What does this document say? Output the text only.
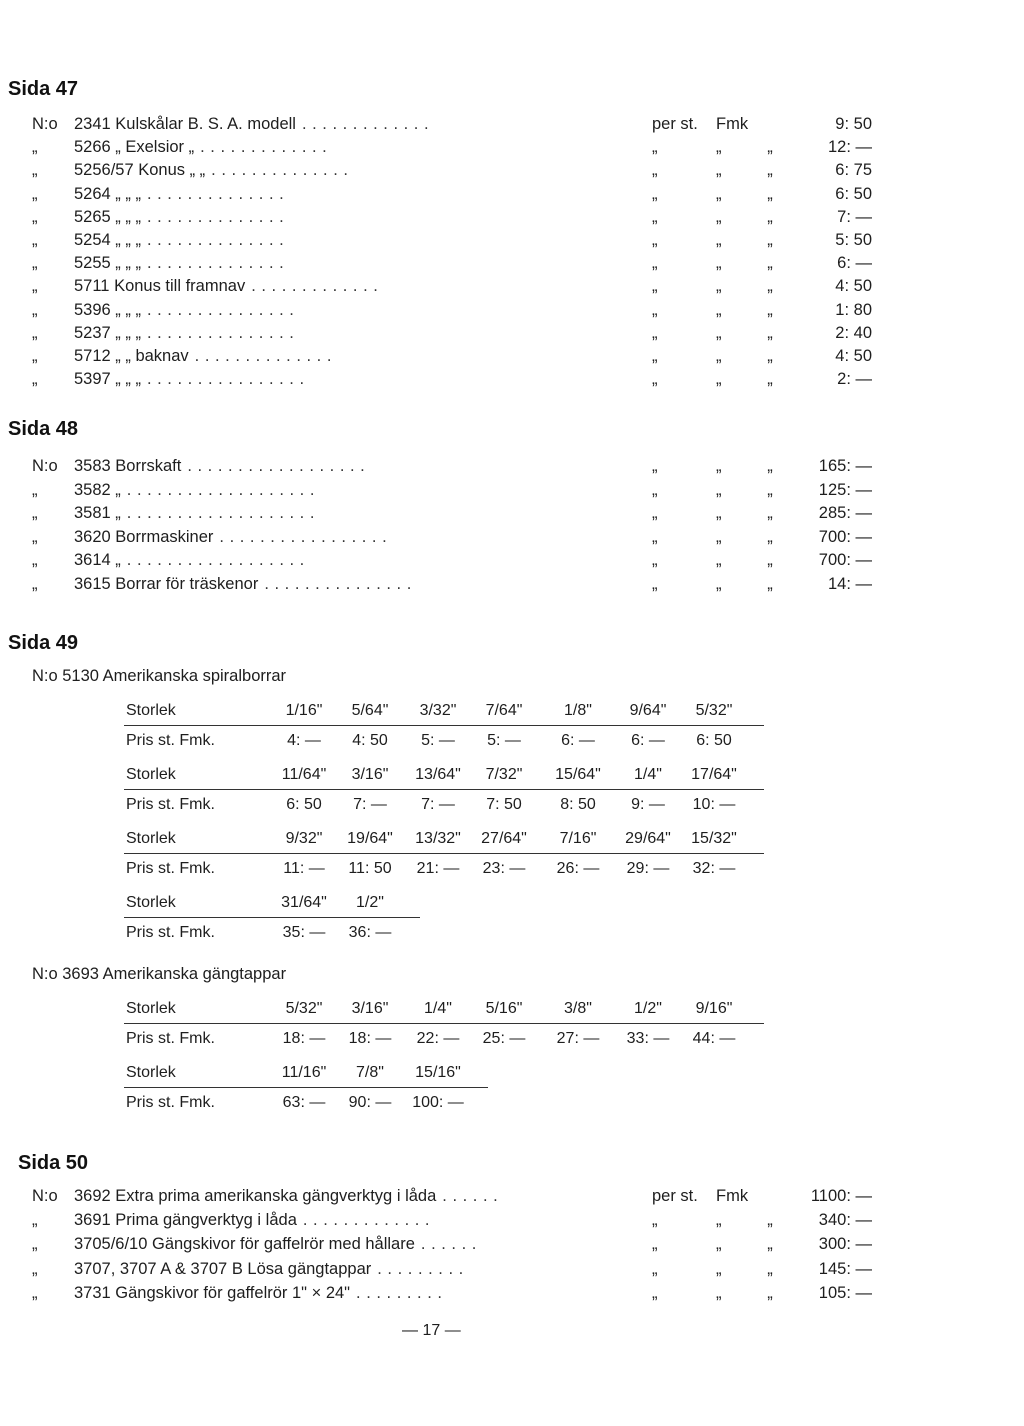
Sida 47
N:o 2341 Kulskålar B. S. A. modell . . . . . . . . . . . . .	per st. Fmk	9: 50
„ 5266 „ Exelsior „ . . . . . . . . . . . . .	„	„	„	12: —
„ 5256/57 Konus „ „ . . . . . . . . . . . . . .	„	„	„	6: 75
„ 5264 „ „ „ . . . . . . . . . . . . . .	„	„	„	6: 50
„ 5265 „ „ „ . . . . . . . . . . . . . .	„	„	„	7: —
„ 5254 „ „ „ . . . . . . . . . . . . . .	„	„	„	5: 50
„ 5255 „ „ „ . . . . . . . . . . . . . .	„	„	„	6: —
„ 5711 Konus till framnav . . . . . . . . . . . . .	„	„	„	4: 50
„ 5396 „ „ „ . . . . . . . . . . . . . . .	„	„	„	1: 80
„ 5237 „ „ „ . . . . . . . . . . . . . . .	„	„	„	2: 40
„ 5712 „ „ baknav . . . . . . . . . . . . . .	„	„	„	4: 50
„ 5397 „ „ „ . . . . . . . . . . . . . . . .	„	„	„	2: —
Sida 48
N:o 3583 Borrskaft . . . . . . . . . . . . . . . . . .	„	„	„	165: —
„ 3582 „ . . . . . . . . . . . . . . . . . . .	„	„	„	125: —
„ 3581 „ . . . . . . . . . . . . . . . . . . .	„	„	„	285: —
„ 3620 Borrmaskiner . . . . . . . . . . . . . . . . .	„	„	„	700: —
„ 3614 „ . . . . . . . . . . . . . . . . . .	„	„	„	700: —
„ 3615 Borrar för träskenor . . . . . . . . . . . . . . .	„	„	„	14: —
Sida 49
N:o 5130 Amerikanska spiralborrar
Storlek	1/16"	5/64"	3/32"	7/64"	1/8"	9/64"	5/32"
Pris st. Fmk.	4: —	4: 50	5: —	5: —	6: —	6: —	6: 50
Storlek	11/64"	3/16"	13/64"	7/32"	15/64"	1/4"	17/64"
Pris st. Fmk.	6: 50	7: —	7: —	7: 50	8: 50	9: —	10: —
Storlek	9/32"	19/64"	13/32"	27/64"	7/16"	29/64"	15/32"
Pris st. Fmk.	11: —	11: 50	21: —	23: —	26: —	29: —	32: —
Storlek	31/64"	1/2"
Pris st. Fmk.	35: —	36: —
N:o 3693 Amerikanska gängtappar
Storlek	5/32"	3/16"	1/4"	5/16"	3/8"	1/2"	9/16"
Pris st. Fmk.	18: —	18: —	22: —	25: —	27: —	33: —	44: —
Storlek	11/16"	7/8"	15/16"
Pris st. Fmk.	63: —	90: —	100: —
Sida 50
N:o 3692 Extra prima amerikanska gängverktyg i låda . . . . . .	per st. Fmk	1100: —
„ 3691 Prima gängverktyg i låda . . . . . . . . . . . . .	„	„	„	340: —
„ 3705/6/10 Gängskivor för gaffelrör med hållare . . . . . .	„	„	„	300: —
„ 3707, 3707 A & 3707 B Lösa gängtappar . . . . . . . . .	„	„	„	145: —
„ 3731 Gängskivor för gaffelrör 1" × 24" . . . . . . . . .	„	„	„	105: —
— 17 —
